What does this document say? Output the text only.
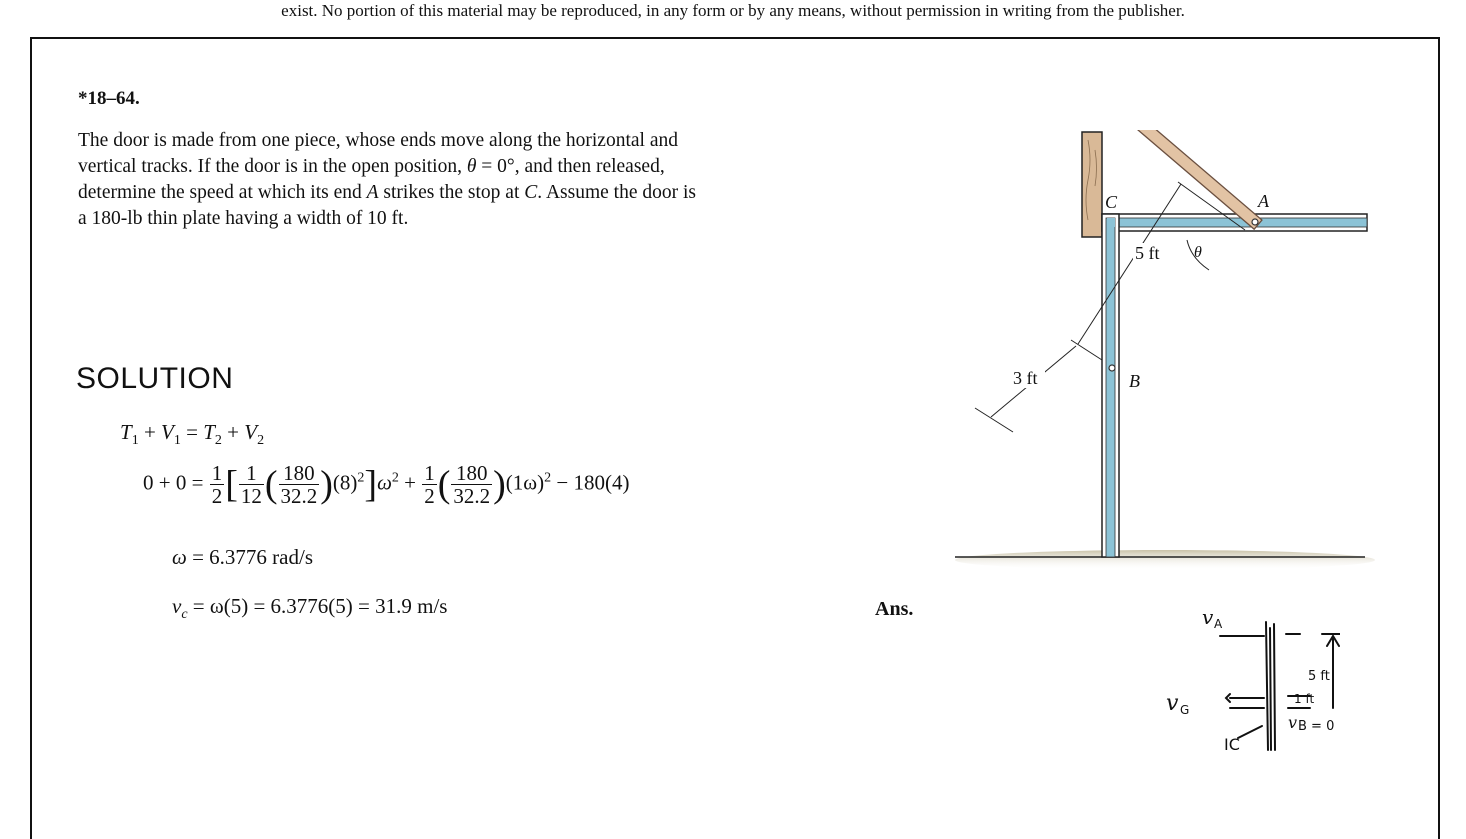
exist. No portion of this material may be reproduced, in any form or by any means, without permission in writing from the publisher.
*18–64.
The door is made from one piece, whose ends move along the horizontal and vertical tracks. If the door is in the open position, θ = 0°, and then released, determine the speed at which its end A strikes the stop at C. Assume the door is a 180-lb thin plate having a width of 10 ft.
SOLUTION
$T_1 + V_1 = T_2 + V_2$
$0 + 0 = \frac{1}{2}$ [ $\frac{1}{12}$ ( $\frac{180}{32.2} )(8)^2]\omega^2 + \frac{1}{2}$ ( $\frac{180}{32.2} )(1\omega)^2 - 180(4)$
ω = 6.3776 rad/s
$v_c = \omega(5) = 6.3776(5) = 31.9$ m/s	Ans.
5 ft
3 ft
C	A
B
θ
v A
v G
1 ft
5 ft
v B = 0
IC
